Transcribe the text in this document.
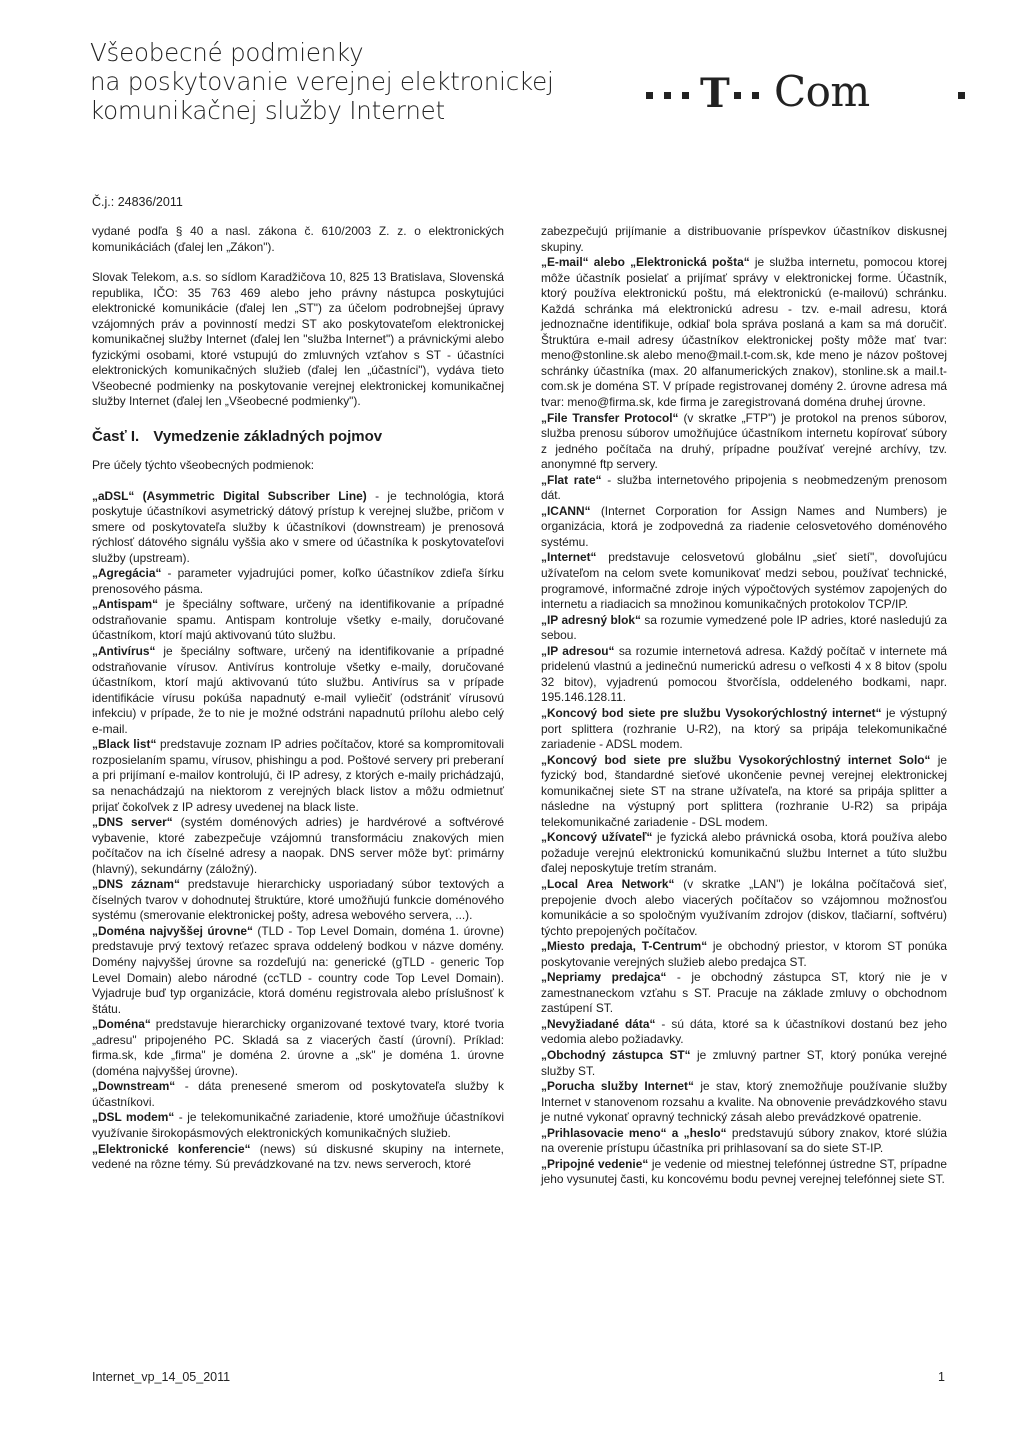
Všeobecné podmienky
na poskytovanie verejnej elektronickej
komunikačnej služby Internet	T Com
Č.j.: 24836/2011

vydané podľa § 40 a nasl. zákona č. 610/2003 Z. z. o elektronických komunikáciách (ďalej len „Zákon").

Slovak Telekom, a.s. so sídlom Karadžičova 10, 825 13 Bratislava, Slovenská republika, IČO: 35 763 469 alebo jeho právny nástupca poskytujúci elektronické komunikácie (ďalej len „ST") za účelom podrobnejšej úpravy vzájomných práv a povinností medzi ST ako poskytovateľom elektronickej komunikačnej služby Internet (ďalej len "služba Internet") a právnickými alebo fyzickými osobami, ktoré vstupujú do zmluvných vzťahov s ST - účastníci elektronických komunikačných služieb (ďalej len „účastníci"), vydáva tieto Všeobecné podmienky na poskytovanie verejnej elektronickej komunikačnej služby Internet (ďalej len „Všeobecné podmienky").

Časť I. Vymedzenie základných pojmov

Pre účely týchto všeobecných podmienok:

„aDSL“ (Asymmetric Digital Subscriber Line) - je technológia, ktorá poskytuje účastníkovi asymetrický dátový prístup k verejnej službe, pričom v smere od poskytovateľa služby k účastníkovi (downstream) je prenosová rýchlosť dátového signálu vyššia ako v smere od účastníka k poskytovateľovi služby (upstream).

„Agregácia“ - parameter vyjadrujúci pomer, koľko účastníkov zdieľa šírku prenosového pásma.

„Antispam“ je špeciálny software, určený na identifikovanie a prípadné odstraňovanie spamu. Antispam kontroluje všetky e-maily, doručované účastníkom, ktorí majú aktivovanú túto službu.

„Antivírus“ je špeciálny software, určený na identifikovanie a prípadné odstraňovanie vírusov. Antivírus kontroluje všetky e-maily, doručované účastníkom, ktorí majú aktivovanú túto službu. Antivírus sa v prípade identifikácie vírusu pokúša napadnutý e-mail vyliečiť (odstrániť vírusovú infekciu) v prípade, že to nie je možné odstráni napadnutú prílohu alebo celý e-mail.

„Black list“ predstavuje zoznam IP adries počítačov, ktoré sa kompromitovali rozposielaním spamu, vírusov, phishingu a pod. Poštové servery pri preberaní a pri prijímaní e-mailov kontrolujú, či IP adresy, z ktorých e-maily prichádzajú, sa nenachádzajú na niektorom z verejných black listov a môžu odmietnuť prijať čokoľvek z IP adresy uvedenej na black liste.

„DNS server“ (systém doménových adries) je hardvérové a softvérové vybavenie, ktoré zabezpečuje vzájomnú transformáciu znakových mien počítačov na ich číselné adresy a naopak. DNS server môže byť: primárny (hlavný), sekundárny (záložný).

„DNS záznam“ predstavuje hierarchicky usporiadaný súbor textových a číselných tvarov v dohodnutej štruktúre, ktoré umožňujú funkcie doménového systému (smerovanie elektronickej pošty, adresa webového servera, ...).

„Doména najvyššej úrovne“ (TLD - Top Level Domain, doména 1. úrovne) predstavuje prvý textový reťazec sprava oddelený bodkou v názve domény. Domény najvyššej úrovne sa rozdeľujú na: generické (gTLD - generic Top Level Domain) alebo národné (ccTLD - country code Top Level Domain). Vyjadruje buď typ organizácie, ktorá doménu registrovala alebo príslušnosť k štátu.

„Doména“ predstavuje hierarchicky organizované textové tvary, ktoré tvoria „adresu" pripojeného PC. Skladá sa z viacerých častí (úrovní). Príklad: firma.sk, kde „firma" je doména 2. úrovne a „sk" je doména 1. úrovne (doména najvyššej úrovne).

„Downstream“ - dáta prenesené smerom od poskytovateľa služby k účastníkovi.

„DSL modem“ - je telekomunikačné zariadenie, ktoré umožňuje účastníkovi využívanie širokopásmových elektronických komunikačných služieb.

„Elektronické konferencie“ (news) sú diskusné skupiny na internete, vedené na rôzne témy. Sú prevádzkované na tzv. news serveroch, ktoré

zabezpečujú prijímanie a distribuovanie príspevkov účastníkov diskusnej skupiny.

„E-mail“ alebo „Elektronická pošta“ je služba internetu, pomocou ktorej môže účastník posielať a prijímať správy v elektronickej forme. Účastník, ktorý používa elektronickú poštu, má elektronickú (e-mailovú) schránku. Každá schránka má elektronickú adresu - tzv. e-mail adresu, ktorá jednoznačne identifikuje, odkiaľ bola správa poslaná a kam sa má doručiť. Štruktúra e-mail adresy účastníkov elektronickej pošty môže mať tvar: meno@stonline.sk alebo meno@mail.t-com.sk, kde meno je názov poštovej schránky účastníka (max. 20 alfanumerických znakov), stonline.sk a mail.t-com.sk je doména ST. V prípade registrovanej domény 2. úrovne adresa má tvar: meno@firma.sk, kde firma je zaregistrovaná doména druhej úrovne.

„File Transfer Protocol“ (v skratke „FTP") je protokol na prenos súborov, služba prenosu súborov umožňujúce účastníkom internetu kopírovať súbory z jedného počítača na druhý, prípadne používať verejné archívy, tzv. anonymné ftp servery.

„Flat rate“ - služba internetového pripojenia s neobmedzeným prenosom dát.

„ICANN“ (Internet Corporation for Assign Names and Numbers) je organizácia, ktorá je zodpovedná za riadenie celosvetového doménového systému.

„Internet“ predstavuje celosvetovú globálnu „sieť sietí", dovoľujúcu užívateľom na celom svete komunikovať medzi sebou, používať technické, programové, informačné zdroje iných výpočtových systémov zapojených do internetu a riadiacich sa množinou komunikačných protokolov TCP/IP.

„IP adresný blok“ sa rozumie vymedzené pole IP adries, ktoré nasledujú za sebou.

„IP adresou“ sa rozumie internetová adresa. Každý počítač v internete má pridelenú vlastnú a jedinečnú numerickú adresu o veľkosti 4 x 8 bitov (spolu 32 bitov), vyjadrenú pomocou štvorčísla, oddeleného bodkami, napr. 195.146.128.11.

„Koncový bod siete pre službu Vysokorýchlostný internet“ je výstupný port splittera (rozhranie U-R2), na ktorý sa pripája telekomunikačné zariadenie - ADSL modem.

„Koncový bod siete pre službu Vysokorýchlostný internet Solo“ je fyzický bod, štandardné sieťové ukončenie pevnej verejnej elektronickej komunikačnej siete ST na strane užívateľa, na ktoré sa pripája splitter a následne na výstupný port splittera (rozhranie U-R2) sa pripája telekomunikačné zariadenie - DSL modem.

„Koncový užívateľ“ je fyzická alebo právnická osoba, ktorá používa alebo požaduje verejnú elektronickú komunikačnú službu Internet a túto službu ďalej neposkytuje tretím stranám.

„Local Area Network“ (v skratke „LAN") je lokálna počítačová sieť, prepojenie dvoch alebo viacerých počítačov so vzájomnou možnosťou komunikácie a so spoločným využívaním zdrojov (diskov, tlačiarní, softvéru) týchto prepojených počítačov.

„Miesto predaja, T-Centrum“ je obchodný priestor, v ktorom ST ponúka poskytovanie verejných služieb alebo predajca ST.

„Nepriamy predajca“ - je obchodný zástupca ST, ktorý nie je v zamestnaneckom vzťahu s ST. Pracuje na základe zmluvy o obchodnom zastúpení ST.

„Nevyžiadané dáta“ - sú dáta, ktoré sa k účastníkovi dostanú bez jeho vedomia alebo požiadavky.

„Obchodný zástupca ST“ je zmluvný partner ST, ktorý ponúka verejné služby ST.

„Porucha služby Internet“ je stav, ktorý znemožňuje používanie služby Internet v stanovenom rozsahu a kvalite. Na obnovenie prevádzkového stavu je nutné vykonať opravný technický zásah alebo prevádzkové opatrenie.

„Prihlasovacie meno“ a „heslo“ predstavujú súbory znakov, ktoré slúžia na overenie prístupu účastníka pri prihlasovaní sa do siete ST-IP.

„Pripojné vedenie“ je vedenie od miestnej telefónnej ústredne ST, prípadne jeho vysunutej časti, ku koncovému bodu pevnej verejnej telefónnej siete ST.

Internet_vp_14_05_2011	1
